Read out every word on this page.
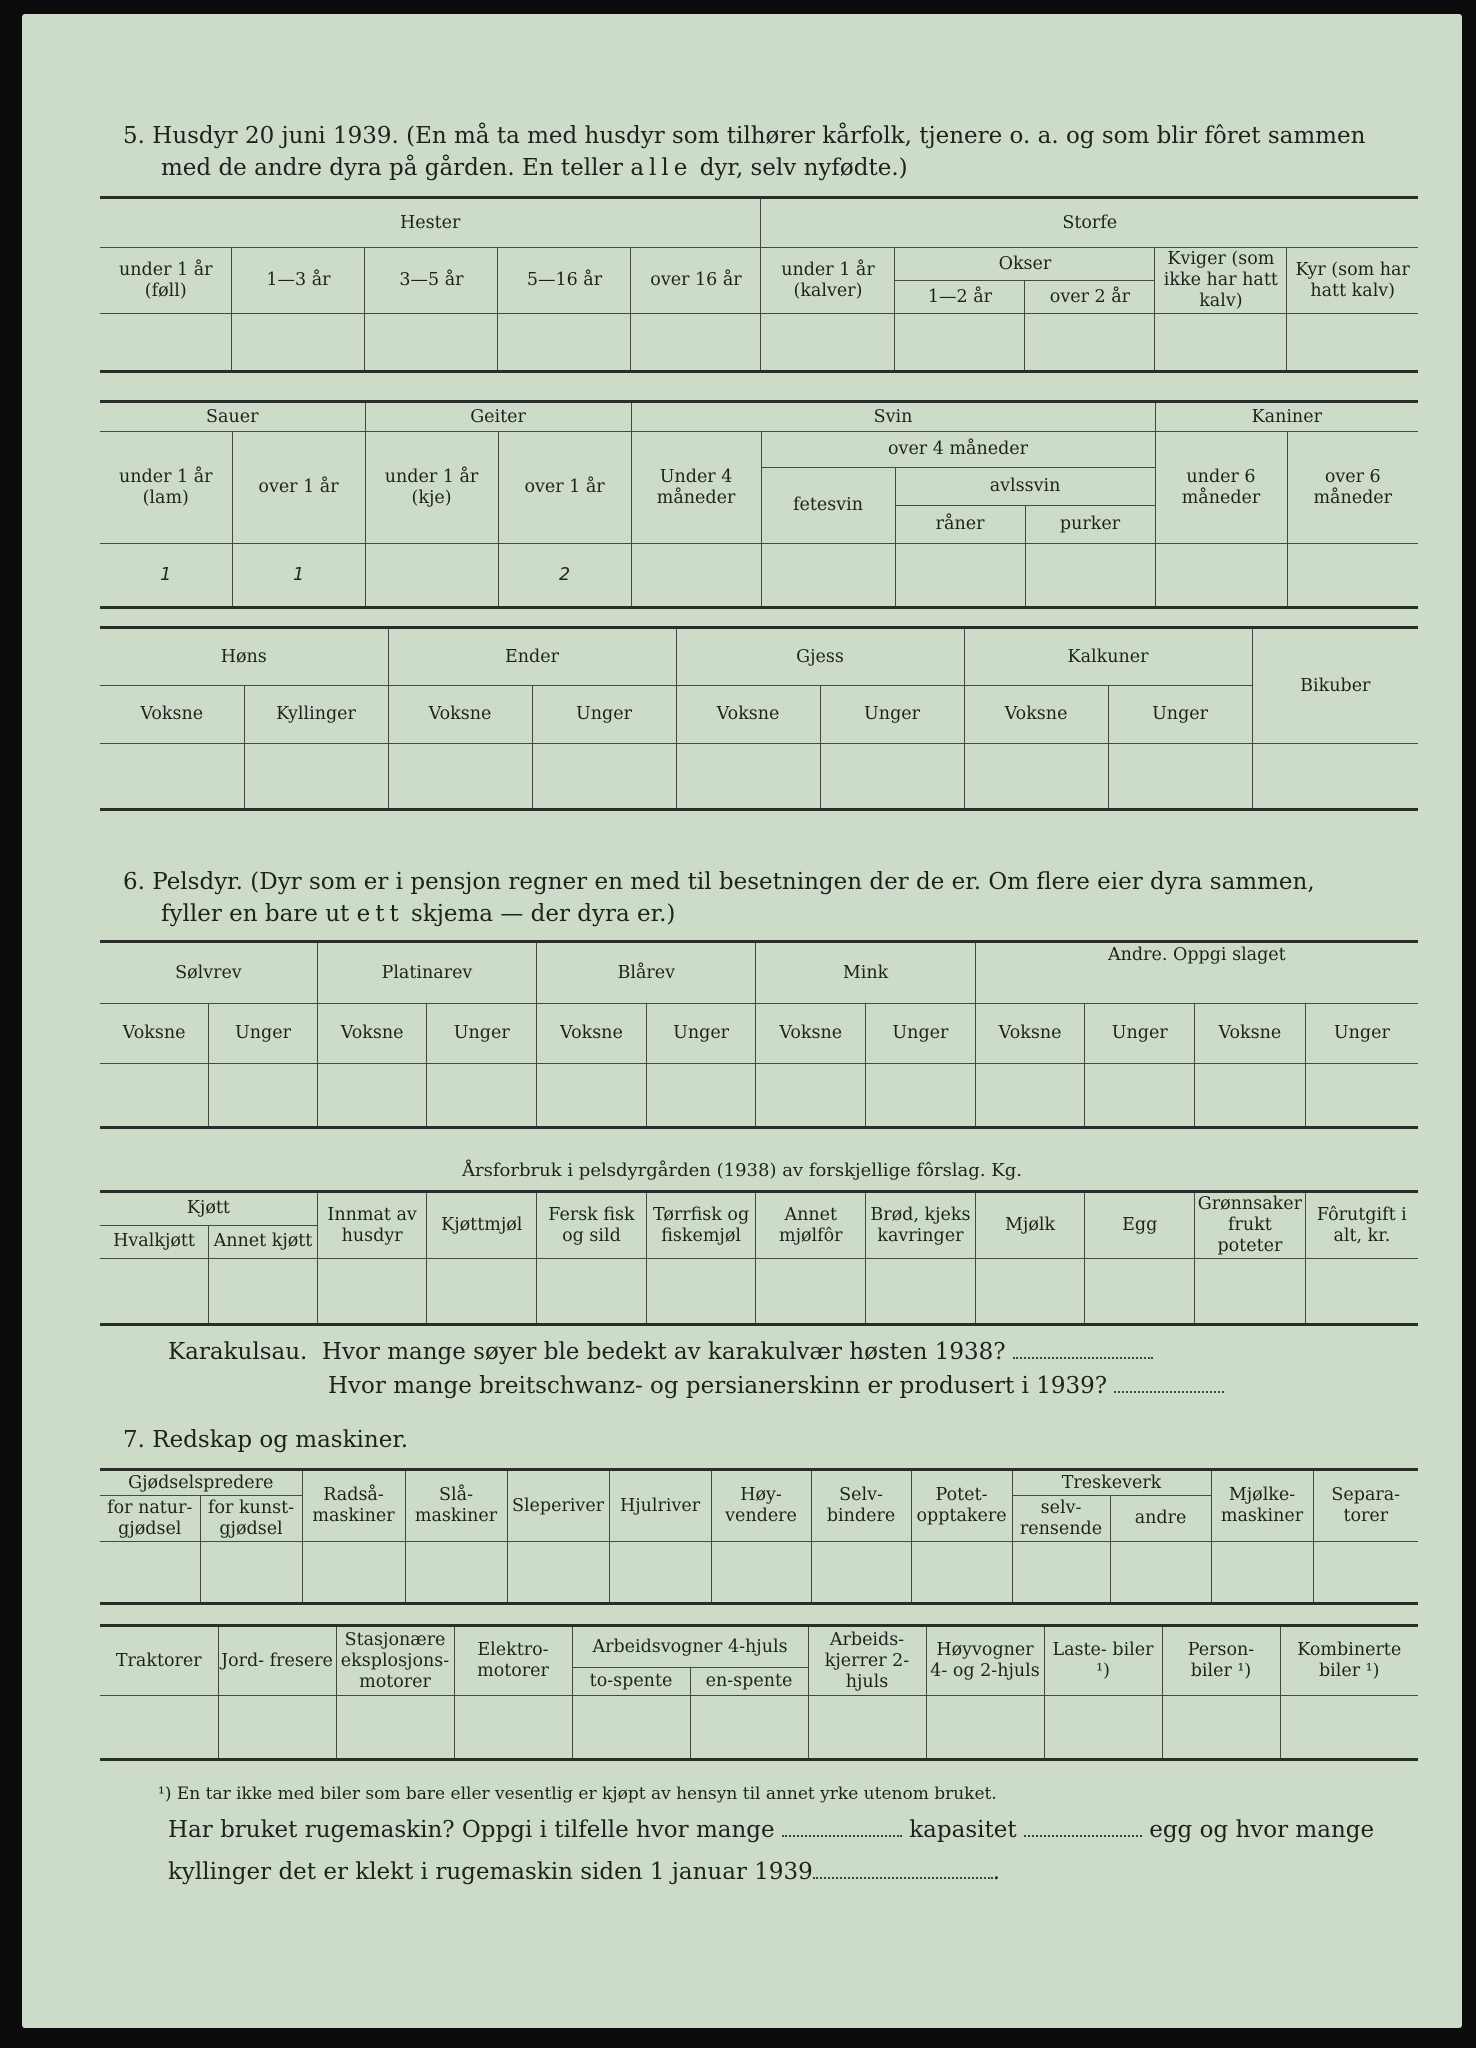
5. Husdyr 20 juni 1939. (En må ta med husdyr som tilhører kårfolk, tjenere o. a. og som blir fôret sammen
med de andre dyra på gården. En teller alle dyr, selv nyfødte.)
Hester					Storfe				
under 1 år (føll)	1—3 år	3—5 år	5—16 år	over 16 år	under 1 år (kalver)	Okser		Kviger (som ikke har hatt kalv)	Kyr (som har hatt kalv)
						1—2 år	over 2 år		

Sauer		Geiter		Svin				Kaniner	
under 1 år (lam)	over 1 år	under 1 år (kje)	over 1 år	Under 4 måneder	over 4 måneder			under 6 måneder	over 6 måneder
					fetesvin	avlssvin			
						råner	purker		
1	1		2						
Høns		Ender		Gjess		Kalkuner		Bikuber
Voksne	Kyllinger	Voksne	Unger	Voksne	Unger	Voksne	Unger	

6. Pelsdyr. (Dyr som er i pensjon regner en med til besetningen der de er. Om flere eier dyra sammen,
fyller en bare ut ett skjema — der dyra er.)
Sølvrev		Platinarev		Blårev		Mink		Andre. Oppgi slaget			
Voksne	Unger	Voksne	Unger	Voksne	Unger	Voksne	Unger	Voksne	Unger	Voksne	Unger

Årsforbruk i pelsdyrgården (1938) av forskjellige fôrslag. Kg.
Kjøtt		Innmat av husdyr	Kjøttmjøl	Fersk fisk og sild	Tørrfisk og fiskemjøl	Annet mjølfôr	Brød, kjeks kavringer	Mjølk	Egg	Grønnsaker frukt poteter	Fôrutgift i alt, kr.
Hvalkjøtt	Annet kjøtt										

Karakulsau. Hvor mange søyer ble bedekt av karakulvær høsten 1938?
Hvor mange breitschwanz- og persianerskinn er produsert i 1939?
7. Redskap og maskiner.
Gjødselspredere		Radså- maskiner	Slå- maskiner	Sleperiver	Hjulriver	Høy- vendere	Selv- bindere	Potet- opptakere	Treskeverk		Mjølke- maskiner	Separa- torer
for natur- gjødsel	for kunst- gjødsel								selv- rensende	andre		

Traktorer	Jord- freserе	Stasjonære eksplosjons- motorer	Elektro- motorer	Arbeidsvogner 4-hjuls		Arbeids- kjerrer 2-hjuls	Høyvogner 4- og 2-hjuls	Laste- biler ¹)	Person- biler ¹)	Kombinerte biler ¹)
				to-spente	en-spente					

¹) En tar ikke med biler som bare eller vesentlig er kjøpt av hensyn til annet yrke utenom bruket.
Har bruket rugemaskin? Oppgi i tilfelle hvor mange	kapasitet	egg og hvor mange
kyllinger det er klekt i rugemaskin siden 1 januar 1939	.
